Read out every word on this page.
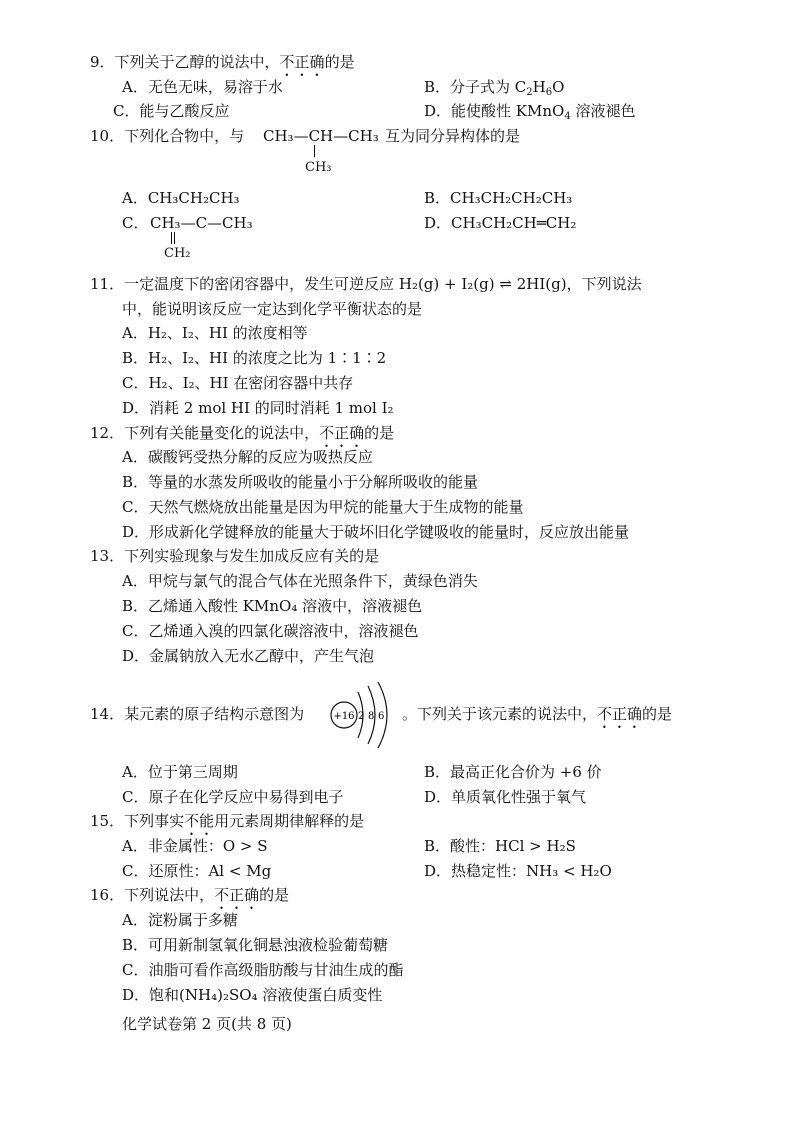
9．下列关于乙醇的说法中，不正确的是
A．无色无味，易溶于水	B．分子式为 $C_2H_6O$
C．能与乙酸反应	D．能使酸性 KMnO$_4$ 溶液褪色
10．下列化合物中，与 CH₃—CH—CH₃ 互为同分异构体的是
CH₃
A．CH₃CH₂CH₃	B．CH₃CH₂CH₂CH₃
C． CH₃—C—CH₃
CH₂
D．CH₃CH₂CH═CH₂
11．一定温度下的密闭容器中，发生可逆反应 H₂(g) + I₂(g) ⇌ 2HI(g)，下列说法
中，能说明该反应一定达到化学平衡状态的是
A．H₂、I₂、HI 的浓度相等
B．H₂、I₂、HI 的浓度之比为 1∶1∶2
C．H₂、I₂、HI 在密闭容器中共存
D．消耗 2 mol HI 的同时消耗 1 mol I₂
12．下列有关能量变化的说法中，不正确的是
A．碳酸钙受热分解的反应为吸热反应
B．等量的水蒸发所吸收的能量小于分解所吸收的能量
C．天然气燃烧放出能量是因为甲烷的能量大于生成物的能量
D．形成新化学键释放的能量大于破坏旧化学键吸收的能量时，反应放出能量
13．下列实验现象与发生加成反应有关的是
A．甲烷与氯气的混合气体在光照条件下，黄绿色消失
B．乙烯通入酸性 KMnO₄ 溶液中，溶液褪色
C．乙烯通入溴的四氯化碳溶液中，溶液褪色
D．金属钠放入无水乙醇中，产生气泡
14．某元素的原子结构示意图为	+16 2 8 6 。下列关于该元素的说法中，不正确的是
A．位于第三周期	B．最高正化合价为 +6 价
C．原子在化学反应中易得到电子	D．单质氧化性强于氧气
15．下列事实不能用元素周期律解释的是
A．非金属性：O > S	B．酸性：HCl > H₂S
C．还原性：Al < Mg	D．热稳定性：NH₃ < H₂O
16．下列说法中，不正确的是
A．淀粉属于多糖
B．可用新制氢氧化铜悬浊液检验葡萄糖
C．油脂可看作高级脂肪酸与甘油生成的酯
D．饱和(NH₄)₂SO₄ 溶液使蛋白质变性
化学试卷第 2 页(共 8 页)
